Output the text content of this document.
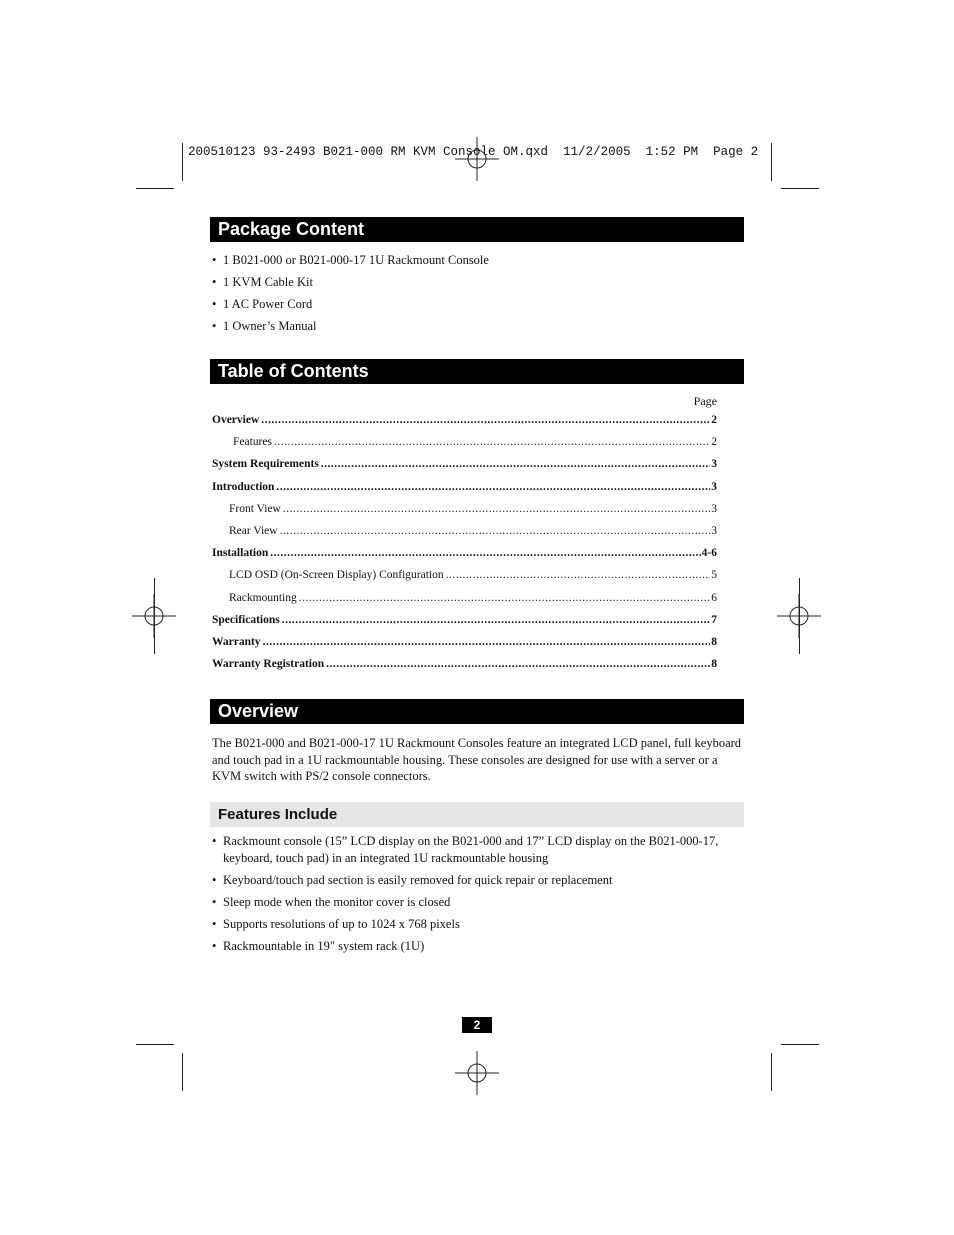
200510123 93-2493 B021-000 RM KVM Console OM.qxd  11/2/2005  1:52 PM  Page 2
Package Content
• 1 B021-000 or B021-000-17 1U Rackmount Console
• 1 KVM Cable Kit
• 1 AC Power Cord
• 1 Owner’s Manual
Table of Contents
Page
Overview .....	2
Features .....	2
System Requirements .....	3
Introduction .....	3
Front View .....	3
Rear View .....	3
Installation .....	4-6
LCD OSD (On-Screen Display) Configuration .....	5
Rackmounting .....	6
Specifications .....	7
Warranty .....	8
Warranty Registration .....	8
Overview

The B021-000 and B021-000-17 1U Rackmount Consoles feature an integrated LCD panel, full keyboard and touch pad in a 1U rackmountable housing. These consoles are designed for use with a server or a KVM switch with PS/2 console connectors.

Features Include
• Rackmount console (15” LCD display on the B021-000 and 17” LCD display on the B021-000-17, keyboard, touch pad) in an integrated 1U rackmountable housing
• Keyboard/touch pad section is easily removed for quick repair or replacement
• Sleep mode when the monitor cover is closed
• Supports resolutions of up to 1024 x 768 pixels
• Rackmountable in 19" system rack (1U)
2
